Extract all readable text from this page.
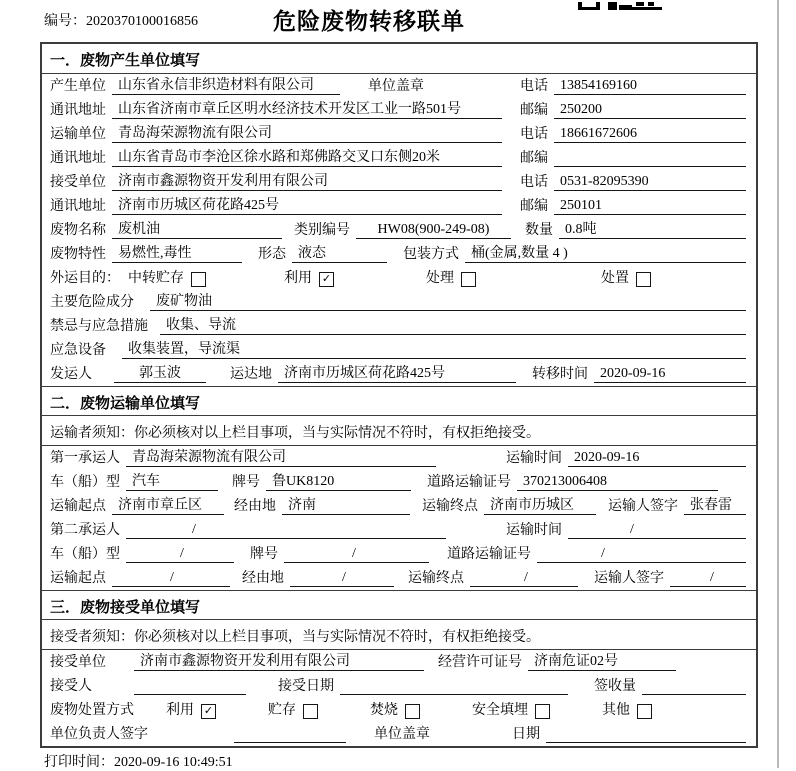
编号：2020370100016856	危险废物转移联单
一．废物产生单位填写
产生单位 山东省永信非织造材料有限公司	单位盖章	电话 13854169160
通讯地址 山东省济南市章丘区明水经济技术开发区工业一路501号	邮编 250200
运输单位 青岛海荣源物流有限公司	电话 18661672606
通讯地址 山东省青岛市李沧区徐水路和郑佛路交叉口东侧20米	邮编
接受单位 济南市鑫源物资开发利用有限公司	电话 0531-82095390
通讯地址 济南市历城区荷花路425号	邮编 250101
废物名称 废机油	类别编号	HW08(900-249-08)	数量 0.8吨
废物特性 易燃性,毒性	形态 液态	包装方式 桶(金属,数量 4 )
外运目的： 中转贮存	利用 ✓	处理	处置
主要危险成分	废矿物油
禁忌与应急措施	收集、导流
应急设备	收集装置，导流渠
发运人	郭玉波	运达地 济南市历城区荷花路425号	转移时间 2020-09-16
二．废物运输单位填写
运输者须知：你必须核对以上栏目事项，当与实际情况不符时，有权拒绝接受。
第一承运人 青岛海荣源物流有限公司	运输时间 2020-09-16
车（船）型 汽车	牌号 鲁UK8120	道路运输证号 370213006408
运输起点 济南市章丘区	经由地 济南	运输终点 济南市历城区	运输人签字 张春雷
第二承运人	/	运输时间	/
车（船）型	/	牌号	/	道路运输证号	/
运输起点	/	经由地	/	运输终点	/	运输人签字	/
三．废物接受单位填写
接受者须知：你必须核对以上栏目事项，当与实际情况不符时，有权拒绝接受。
接受单位	济南市鑫源物资开发利用有限公司	经营许可证号 济南危证02号
接受人	接受日期	签收量
废物处置方式 利用 ✓	贮存	焚烧	安全填埋	其他
单位负责人签字	单位盖章	日期
打印时间：2020-09-16 10:49:51
